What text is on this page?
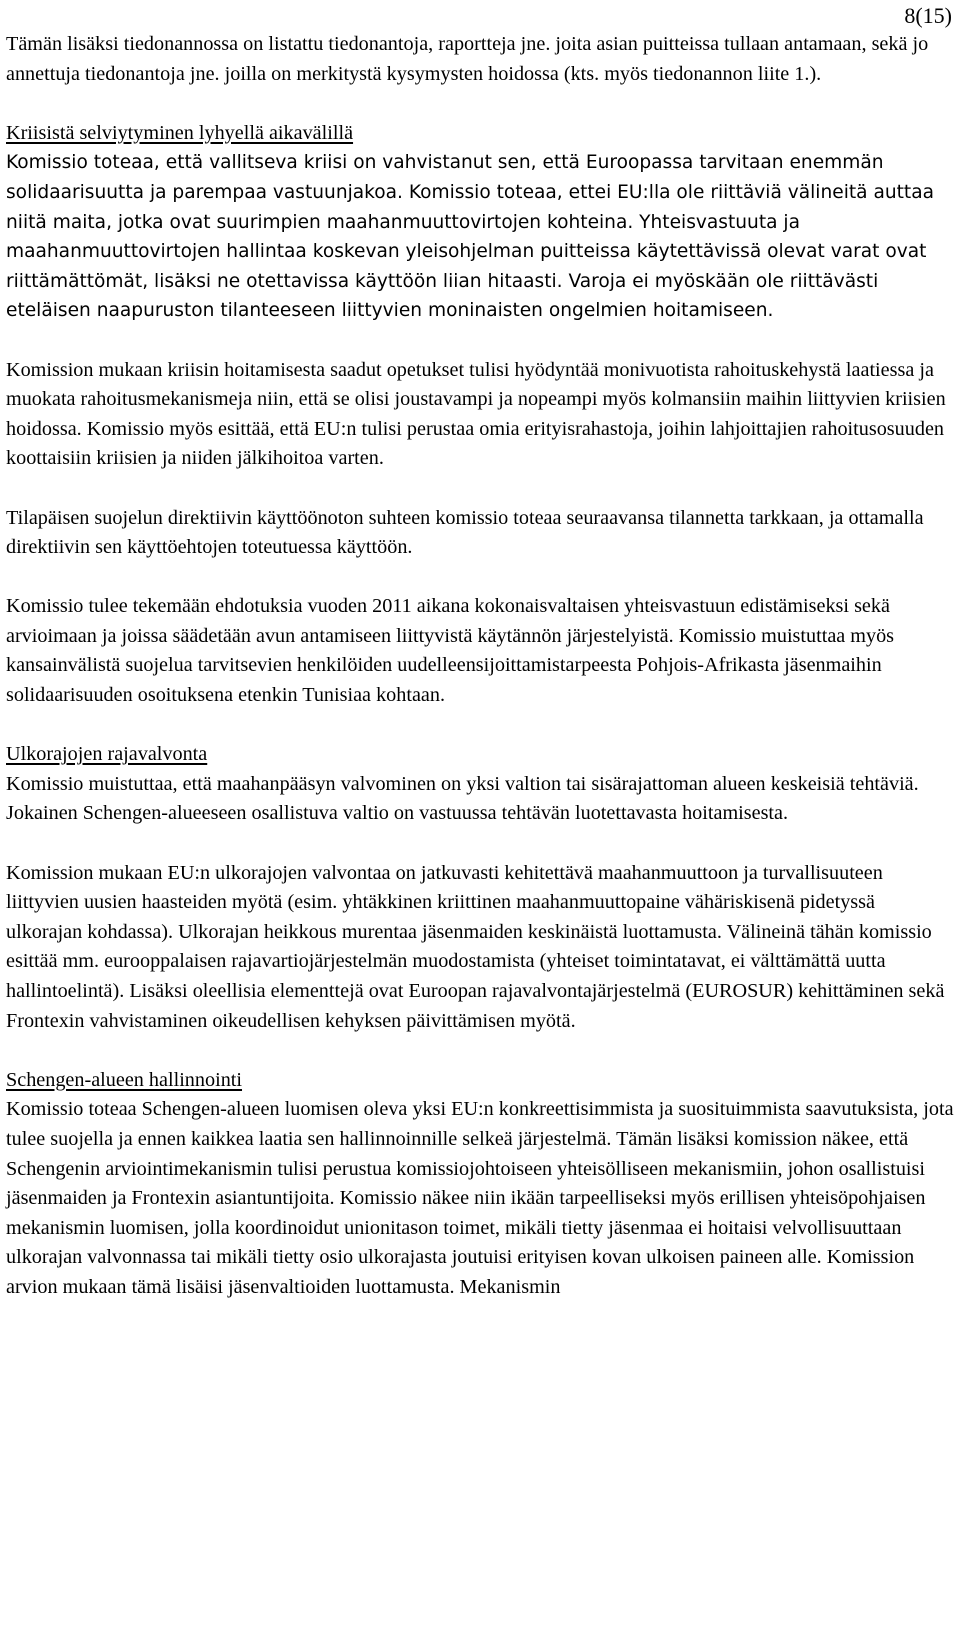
8(15)

Tämän lisäksi tiedonannossa on listattu tiedonantoja, raportteja jne. joita asian puitteissa tullaan antamaan, sekä jo annettuja tiedonantoja jne. joilla on merkitystä kysymysten hoidossa (kts. myös tiedonannon liite 1.).

Kriisistä selviytyminen lyhyellä aikavälillä

Komissio toteaa, että vallitseva kriisi on vahvistanut sen, että Euroopassa tarvitaan enemmän solidaarisuutta ja parempaa vastuunjakoa. Komissio toteaa, ettei EU:lla ole riittäviä välineitä auttaa niitä maita, jotka ovat suurimpien maahanmuuttovirtojen kohteina. Yhteisvastuuta ja maahanmuuttovirtojen hallintaa koskevan yleisohjelman puitteissa käytettävissä olevat varat ovat riittämättömät, lisäksi ne otettavissa käyttöön liian hitaasti. Varoja ei myöskään ole riittävästi eteläisen naapuruston tilanteeseen liittyvien moninaisten ongelmien hoitamiseen.

Komission mukaan kriisin hoitamisesta saadut opetukset tulisi hyödyntää monivuotista rahoituskehystä laatiessa ja muokata rahoitusmekanismeja niin, että se olisi joustavampi ja nopeampi myös kolmansiin maihin liittyvien kriisien hoidossa. Komissio myös esittää, että EU:n tulisi perustaa omia erityisrahastoja, joihin lahjoittajien rahoitusosuuden koottaisiin kriisien ja niiden jälkihoitoa varten.

Tilapäisen suojelun direktiivin käyttöönoton suhteen komissio toteaa seuraavansa tilannetta tarkkaan, ja ottamalla direktiivin sen käyttöehtojen toteutuessa käyttöön.

Komissio tulee tekemään ehdotuksia vuoden 2011 aikana kokonaisvaltaisen yhteisvastuun edistämiseksi sekä arvioimaan ja joissa säädetään avun antamiseen liittyvistä käytännön järjestelyistä. Komissio muistuttaa myös kansainvälistä suojelua tarvitsevien henkilöiden uudelleensijoittamistarpeesta Pohjois-Afrikasta jäsenmaihin solidaarisuuden osoituksena etenkin Tunisiaa kohtaan.

Ulkorajojen rajavalvonta

Komissio muistuttaa, että maahanpääsyn valvominen on yksi valtion tai sisärajattoman alueen keskeisiä tehtäviä. Jokainen Schengen-alueeseen osallistuva valtio on vastuussa tehtävän luotettavasta hoitamisesta.

Komission mukaan EU:n ulkorajojen valvontaa on jatkuvasti kehitettävä maahanmuuttoon ja turvallisuuteen liittyvien uusien haasteiden myötä (esim. yhtäkkinen kriittinen maahanmuuttopaine vähäriskisenä pidetyssä ulkorajan kohdassa). Ulkorajan heikkous murentaa jäsenmaiden keskinäistä luottamusta. Välineinä tähän komissio esittää mm. eurooppalaisen rajavartiojärjestelmän muodostamista (yhteiset toimintatavat, ei välttämättä uutta hallintoelintä). Lisäksi oleellisia elementtejä ovat Euroopan rajavalvontajärjestelmä (EUROSUR) kehittäminen sekä Frontexin vahvistaminen oikeudellisen kehyksen päivittämisen myötä.

Schengen-alueen hallinnointi

Komissio toteaa Schengen-alueen luomisen oleva yksi EU:n konkreettisimmista ja suosituimmista saavutuksista, jota tulee suojella ja ennen kaikkea laatia sen hallinnoinnille selkeä järjestelmä. Tämän lisäksi komission näkee, että Schengenin arviointimekanismin tulisi perustua komissiojohtoiseen yhteisölliseen mekanismiin, johon osallistuisi jäsenmaiden ja Frontexin asiantuntijoita. Komissio näkee niin ikään tarpeelliseksi myös erillisen yhteisöpohjaisen mekanismin luomisen, jolla koordinoidut unionitason toimet, mikäli tietty jäsenmaa ei hoitaisi velvollisuuttaan ulkorajan valvonnassa tai mikäli tietty osio ulkorajasta joutuisi erityisen kovan ulkoisen paineen alle. Komission arvion mukaan tämä lisäisi jäsenvaltioiden luottamusta. Mekanismin
